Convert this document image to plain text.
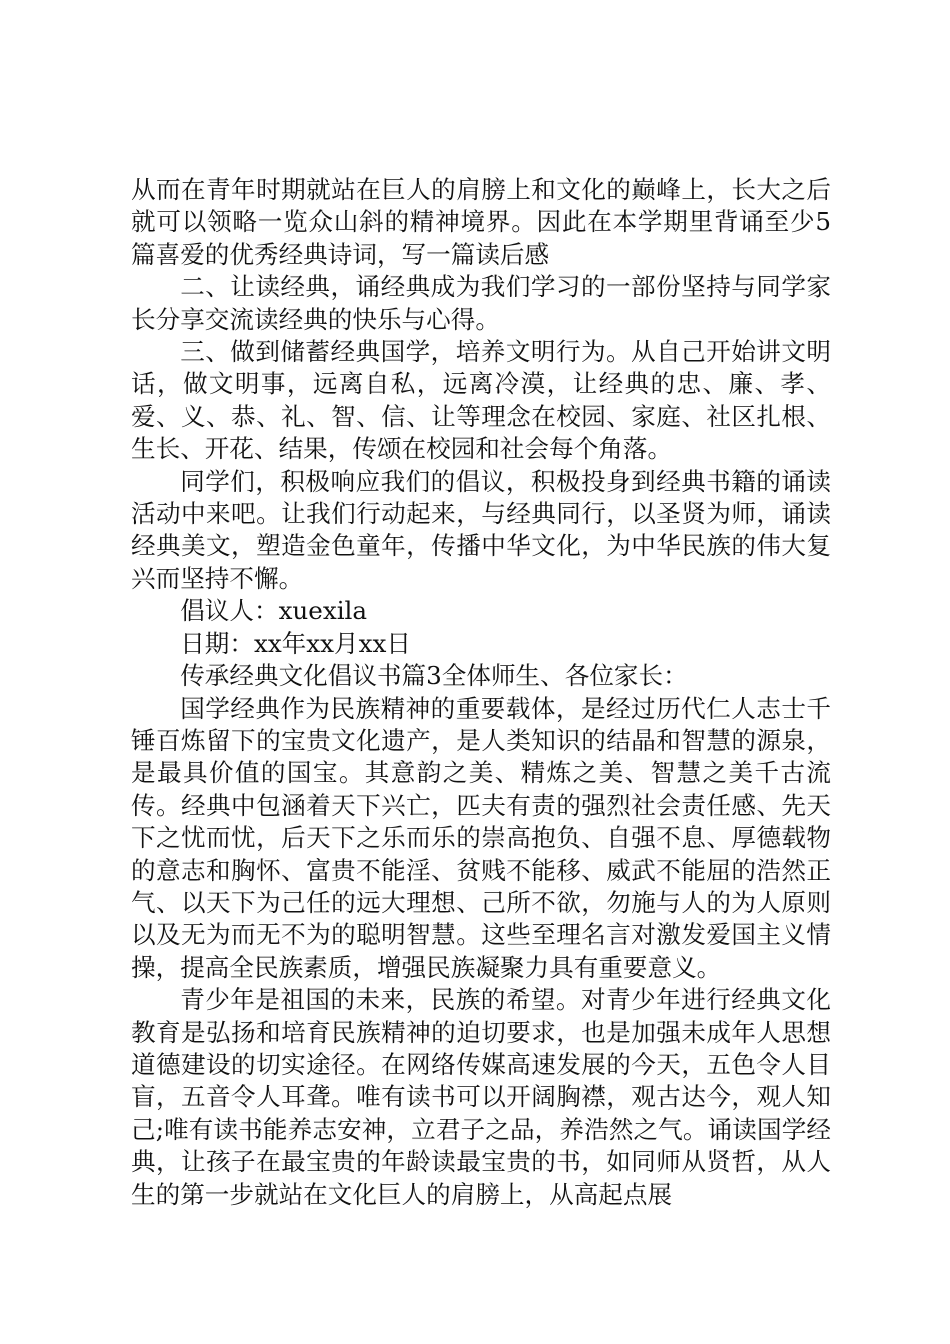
从而在青年时期就站在巨人的肩膀上和文化的巅峰上，长大之后就可以领略一览众山斜的精神境界。因此在本学期里背诵至少5篇喜爱的优秀经典诗词，写一篇读后感

二、让读经典，诵经典成为我们学习的一部份坚持与同学家长分享交流读经典的快乐与心得。

三、做到储蓄经典国学，培养文明行为。从自己开始讲文明话，做文明事，远离自私，远离冷漠，让经典的忠、廉、孝、爱、义、恭、礼、智、信、让等理念在校园、家庭、社区扎根、生长、开花、结果，传颂在校园和社会每个角落。

同学们，积极响应我们的倡议，积极投身到经典书籍的诵读活动中来吧。让我们行动起来，与经典同行，以圣贤为师，诵读经典美文，塑造金色童年，传播中华文化，为中华民族的伟大复兴而坚持不懈。

倡议人：xuexila

日期：xx年xx月xx日

传承经典文化倡议书篇3全体师生、各位家长：

国学经典作为民族精神的重要载体，是经过历代仁人志士千锤百炼留下的宝贵文化遗产，是人类知识的结晶和智慧的源泉，是最具价值的国宝。其意韵之美、精炼之美、智慧之美千古流传。经典中包涵着天下兴亡，匹夫有责的强烈社会责任感、先天下之忧而忧，后天下之乐而乐的崇高抱负、自强不息、厚德载物的意志和胸怀、富贵不能淫、贫贱不能移、威武不能屈的浩然正气、以天下为己任的远大理想、己所不欲，勿施与人的为人原则以及无为而无不为的聪明智慧。这些至理名言对激发爱国主义情操，提高全民族素质，增强民族凝聚力具有重要意义。

青少年是祖国的未来，民族的希望。对青少年进行经典文化教育是弘扬和培育民族精神的迫切要求，也是加强未成年人思想道德建设的切实途径。在网络传媒高速发展的今天，五色令人目盲，五音令人耳聋。唯有读书可以开阔胸襟，观古达今，观人知己;唯有读书能养志安神，立君子之品，养浩然之气。诵读国学经典，让孩子在最宝贵的年龄读最宝贵的书，如同师从贤哲，从人生的第一步就站在文化巨人的肩膀上，从高起点展
